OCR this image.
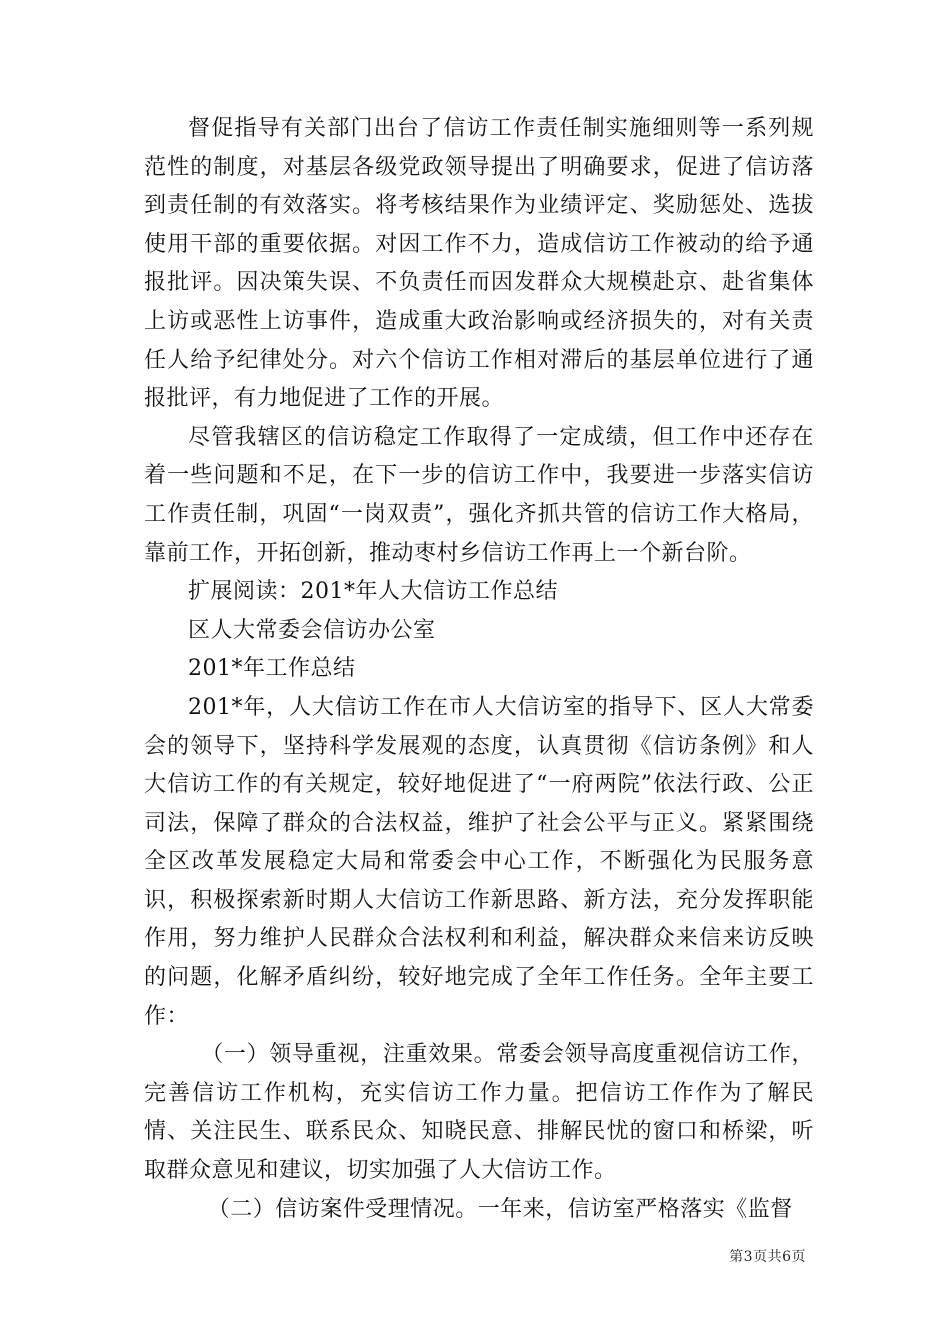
督促指导有关部门出台了信访工作责任制实施细则等一系列规范性的制度，对基层各级党政领导提出了明确要求，促进了信访落到责任制的有效落实。将考核结果作为业绩评定、奖励惩处、选拔使用干部的重要依据。对因工作不力，造成信访工作被动的给予通报批评。因决策失误、不负责任而因发群众大规模赴京、赴省集体上访或恶性上访事件，造成重大政治影响或经济损失的，对有关责任人给予纪律处分。对六个信访工作相对滞后的基层单位进行了通报批评，有力地促进了工作的开展。

尽管我辖区的信访稳定工作取得了一定成绩，但工作中还存在着一些问题和不足，在下一步的信访工作中，我要进一步落实信访工作责任制，巩固“一岗双责”，强化齐抓共管的信访工作大格局，靠前工作，开拓创新，推动枣村乡信访工作再上一个新台阶。

扩展阅读：201*年人大信访工作总结

区人大常委会信访办公室

201*年工作总结

201*年，人大信访工作在市人大信访室的指导下、区人大常委会的领导下，坚持科学发展观的态度，认真贯彻《信访条例》和人大信访工作的有关规定，较好地促进了“一府两院”依法行政、公正司法，保障了群众的合法权益，维护了社会公平与正义。紧紧围绕全区改革发展稳定大局和常委会中心工作，不断强化为民服务意识，积极探索新时期人大信访工作新思路、新方法，充分发挥职能作用，努力维护人民群众合法权利和利益，解决群众来信来访反映的问题，化解矛盾纠纷，较好地完成了全年工作任务。全年主要工作：

（一）领导重视，注重效果。常委会领导高度重视信访工作，完善信访工作机构，充实信访工作力量。把信访工作作为了解民情、关注民生、联系民众、知晓民意、排解民忧的窗口和桥梁，听取群众意见和建议，切实加强了人大信访工作。

（二）信访案件受理情况。一年来，信访室严格落实《监督

第3页共6页
